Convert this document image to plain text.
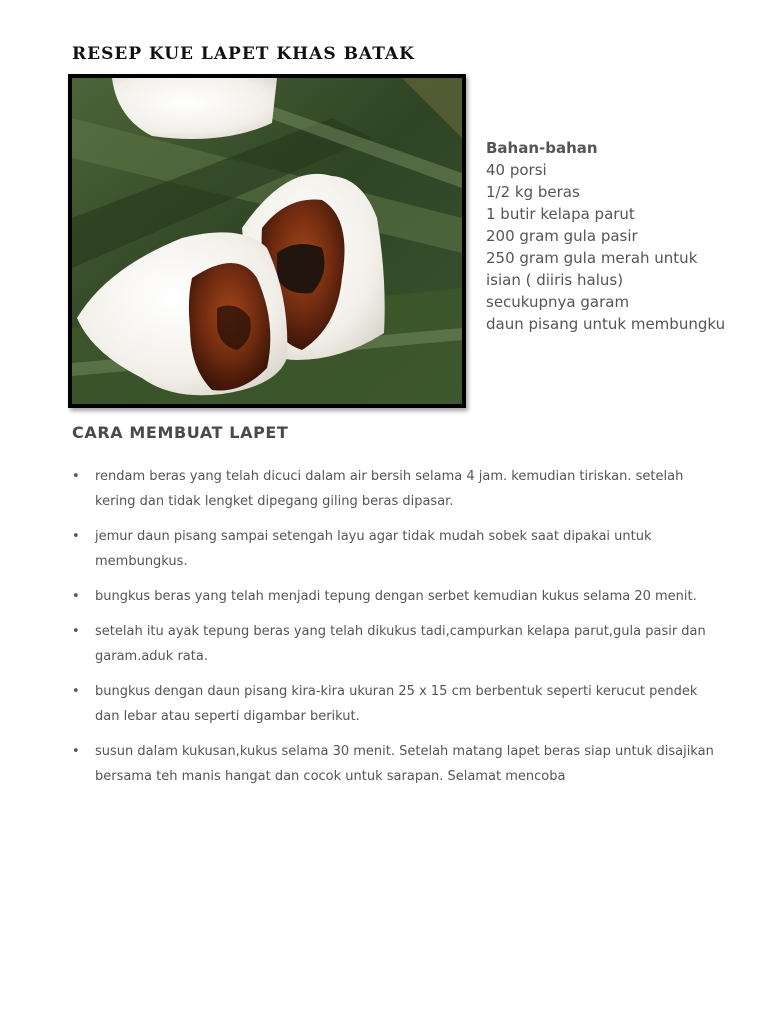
RESEP KUE LAPET KHAS BATAK
Bahan-bahan
40 porsi
1/2 kg beras
1 butir kelapa parut
200 gram gula pasir
250 gram gula merah untuk isian ( diiris halus)
secukupnya garam
daun pisang untuk membungku
CARA MEMBUAT LAPET
• rendam beras yang telah dicuci dalam air bersih selama 4 jam. kemudian tiriskan. setelah kering dan tidak lengket dipegang giling beras dipasar.
• jemur daun pisang sampai setengah layu agar tidak mudah sobek saat dipakai untuk membungkus.
• bungkus beras yang telah menjadi tepung dengan serbet kemudian kukus selama 20 menit.
• setelah itu ayak tepung beras yang telah dikukus tadi,campurkan kelapa parut,gula pasir dan garam.aduk rata.
• bungkus dengan daun pisang kira-kira ukuran 25 x 15 cm berbentuk seperti kerucut pendek dan lebar atau seperti digambar berikut.
• susun dalam kukusan,kukus selama 30 menit. Setelah matang lapet beras siap untuk disajikan bersama teh manis hangat dan cocok untuk sarapan. Selamat mencoba
